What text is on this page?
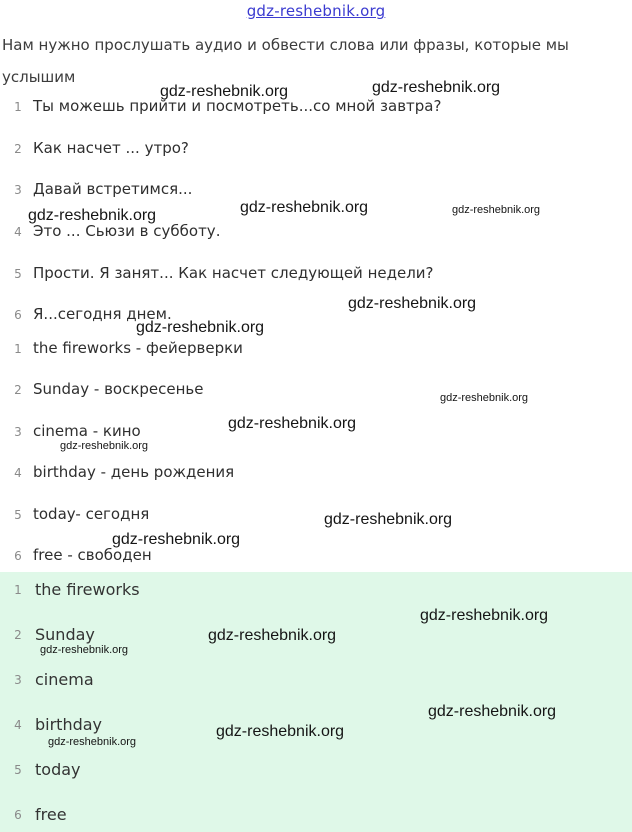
gdz-reshebnik.org
Нам нужно прослушать аудио и обвести слова или фразы, которые мы услышим
1 Ты можешь прийти и посмотреть...со мной завтра?
2 Как насчет ... утро?
3 Давай встретимся...
4 Это ... Сьюзи в субботу.
5 Прости. Я занят... Как насчет следующей недели?
6 Я...сегодня днем.
1 the fireworks - фейерверки
2 Sunday - воскресенье
3 cinema - кино
4 birthday - день рождения
5 today- сегодня
6 free - свободен
1 the fireworks
2 Sunday
3 cinema
4 birthday
5 today
6 free
gdz-reshebnik.org	gdz-reshebnik.org
gdz-reshebnik.org	gdz-reshebnik.org	gdz-reshebnik.org
gdz-reshebnik.org
gdz-reshebnik.org
gdz-reshebnik.org
gdz-reshebnik.org
gdz-reshebnik.org
gdz-reshebnik.org
gdz-reshebnik.org
gdz-reshebnik.org
gdz-reshebnik.org
gdz-reshebnik.org
gdz-reshebnik.org
gdz-reshebnik.org
gdz-reshebnik.org
